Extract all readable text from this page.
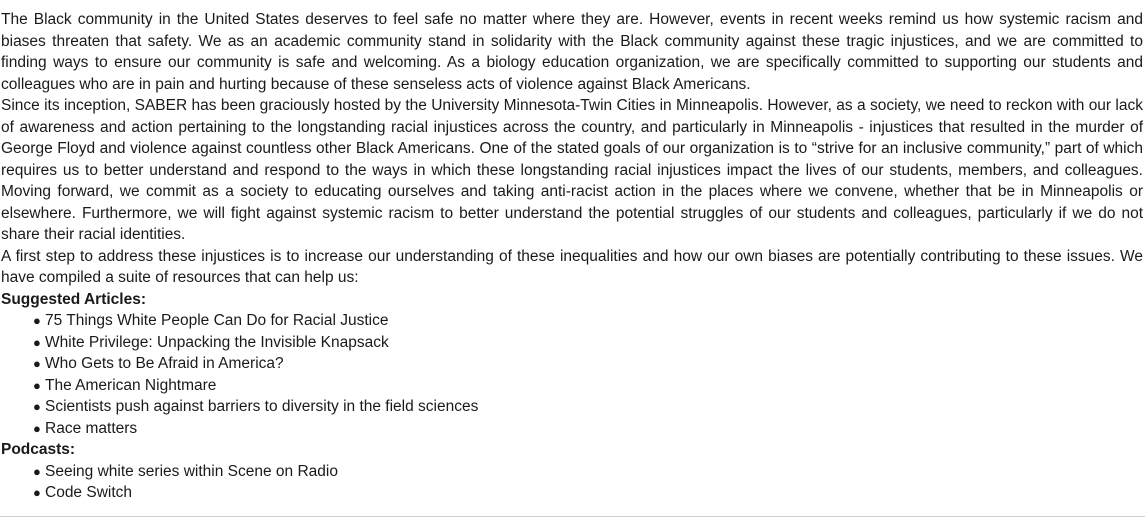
The Black community in the United States deserves to feel safe no matter where they are. However, events in recent weeks remind us how systemic racism and biases threaten that safety. We as an academic community stand in solidarity with the Black community against these tragic injustices, and we are committed to finding ways to ensure our community is safe and welcoming. As a biology education organization, we are specifically committed to supporting our students and colleagues who are in pain and hurting because of these senseless acts of violence against Black Americans.

Since its inception, SABER has been graciously hosted by the University Minnesota-Twin Cities in Minneapolis. However, as a society, we need to reckon with our lack of awareness and action pertaining to the longstanding racial injustices across the country, and particularly in Minneapolis - injustices that resulted in the murder of George Floyd and violence against countless other Black Americans. One of the stated goals of our organization is to “strive for an inclusive community,” part of which requires us to better understand and respond to the ways in which these longstanding racial injustices impact the lives of our students, members, and colleagues. Moving forward, we commit as a society to educating ourselves and taking anti-racist action in the places where we convene, whether that be in Minneapolis or elsewhere. Furthermore, we will fight against systemic racism to better understand the potential struggles of our students and colleagues, particularly if we do not share their racial identities.

A first step to address these injustices is to increase our understanding of these inequalities and how our own biases are potentially contributing to these issues. We have compiled a suite of resources that can help us:

Suggested Articles:

● 75 Things White People Can Do for Racial Justice
● White Privilege: Unpacking the Invisible Knapsack
● Who Gets to Be Afraid in America?
● The American Nightmare
● Scientists push against barriers to diversity in the field sciences
● Race matters

Podcasts:

● Seeing white series within Scene on Radio
● Code Switch
